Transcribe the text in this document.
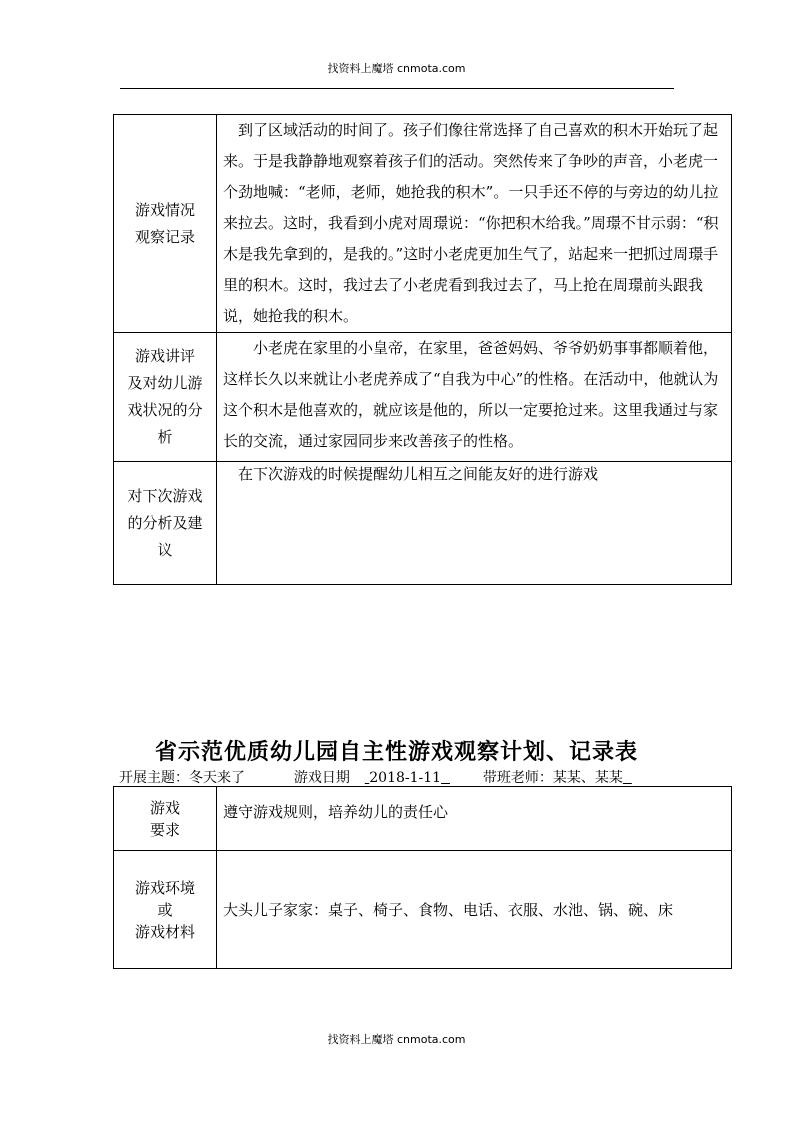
找资料上魔塔 cnmota.com
游戏情况
观察记录	到了区域活动的时间了。孩子们像往常选择了自己喜欢的积木开始玩了起来。于是我静静地观察着孩子们的活动。突然传来了争吵的声音，小老虎一个劲地喊：“老师，老师，她抢我的积木”。一只手还不停的与旁边的幼儿拉来拉去。这时，我看到小虎对周璟说：“你把积木给我。”周璟不甘示弱：“积木是我先拿到的，是我的。”这时小老虎更加生气了，站起来一把抓过周璟手里的积木。这时，我过去了小老虎看到我过去了，马上抢在周璟前头跟我说，她抢我的积木。

游戏讲评
及对幼儿游
戏状况的分
析	小老虎在家里的小皇帝，在家里，爸爸妈妈、爷爷奶奶事事都顺着他，这样长久以来就让小老虎养成了“自我为中心”的性格。在活动中，他就认为这个积木是他喜欢的，就应该是他的，所以一定要抢过来。这里我通过与家长的交流，通过家园同步来改善孩子的性格。

对下次游戏
的分析及建
议	在下次游戏的时候提醒幼儿相互之间能友好的进行游戏
省示范优质幼儿园自主性游戏观察计划、记录表
开展主题：冬天来了	游戏日期 2018-1-11	带班老师：某某、某某
游戏
要求	遵守游戏规则，培养幼儿的责任心

游戏环境
或
游戏材料	大头儿子家家：桌子、椅子、食物、电话、衣服、水池、锅、碗、床
找资料上魔塔 cnmota.com
